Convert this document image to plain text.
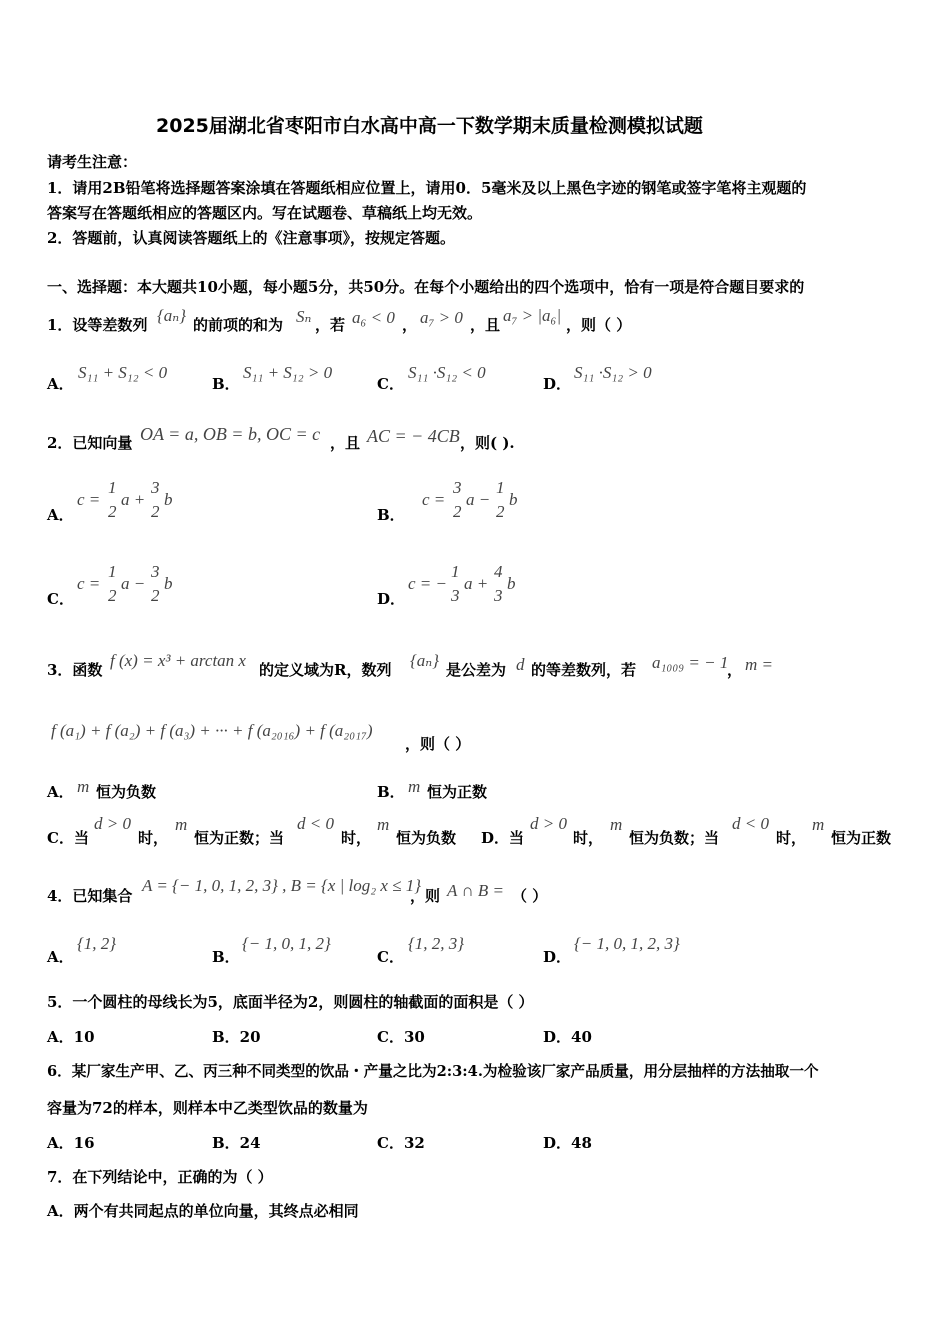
2025届湖北省枣阳市白水高中高一下数学期末质量检测模拟试题
请考生注意：
1．请用2B铅笔将选择题答案涂填在答题纸相应位置上，请用0．5毫米及以上黑色字迹的钢笔或签字笔将主观题的
答案写在答题纸相应的答题区内。写在试题卷、草稿纸上均无效。
2．答题前，认真阅读答题纸上的《注意事项》，按规定答题。
一、选择题：本大题共10小题，每小题5分，共50分。在每个小题给出的四个选项中，恰有一项是符合题目要求的
1．设等差数列 {aₙ} 的前项的和为 Sₙ ，若 a₆ < 0 ， a₇ > 0 ，且 a₇ > |a₆| ，则（ ）
A．
S₁₁ + S₁₂ < 0
B．
S₁₁ + S₁₂ > 0
C．
S₁₁ ·S₁₂ < 0
D．
S₁₁ ·S₁₂ > 0
2．已知向量 OA = a, OB = b, OC = c ，且 AC = − 4CB ，则( ).
A．
c =
1
2
a +
3
2
b
B．
c =
3
2
a −
1
2
b
C．
c =
1
2
a −
3
2
b
D．
c = −
1
3
a +
4
3
b
3．函数 f (x) = x³ + arctan x 的定义域为R，数列 {aₙ} 是公差为 d 的等差数列，若 a₁₀₀₉ = − 1
， m =
f (a₁) + f (a₂) + f (a₃) + ··· + f (a₂₀₁₆) + f (a₂₀₁₇)
，则（ ）
A． m 恒为负数	B． m 恒为正数
C．当
d > 0
时，
m
恒为正数；当
d < 0
时，
m
恒为负数 D．当
d > 0
时，
m
恒为负数；当
d < 0
时，
m
恒为正数
4．已知集合
A = {− 1, 0, 1, 2, 3} , B = {x | log₂ x ≤ 1}
，则 A ∩ B = （ ）
A．
{1, 2}
B．
{− 1, 0, 1, 2}
C．
{1, 2, 3}
D．
{− 1, 0, 1, 2, 3}
5．一个圆柱的母线长为5，底面半径为2，则圆柱的轴截面的面积是（ ）
A．10	B．20	C．30	D．40
6．某厂家生产甲、乙、丙三种不同类型的饮品・产量之比为2:3:4.为检验该厂家产品质量，用分层抽样的方法抽取一个
容量为72的样本，则样本中乙类型饮品的数量为
A．16	B．24	C．32	D．48
7．在下列结论中，正确的为（ ）
A．两个有共同起点的单位向量，其终点必相同
